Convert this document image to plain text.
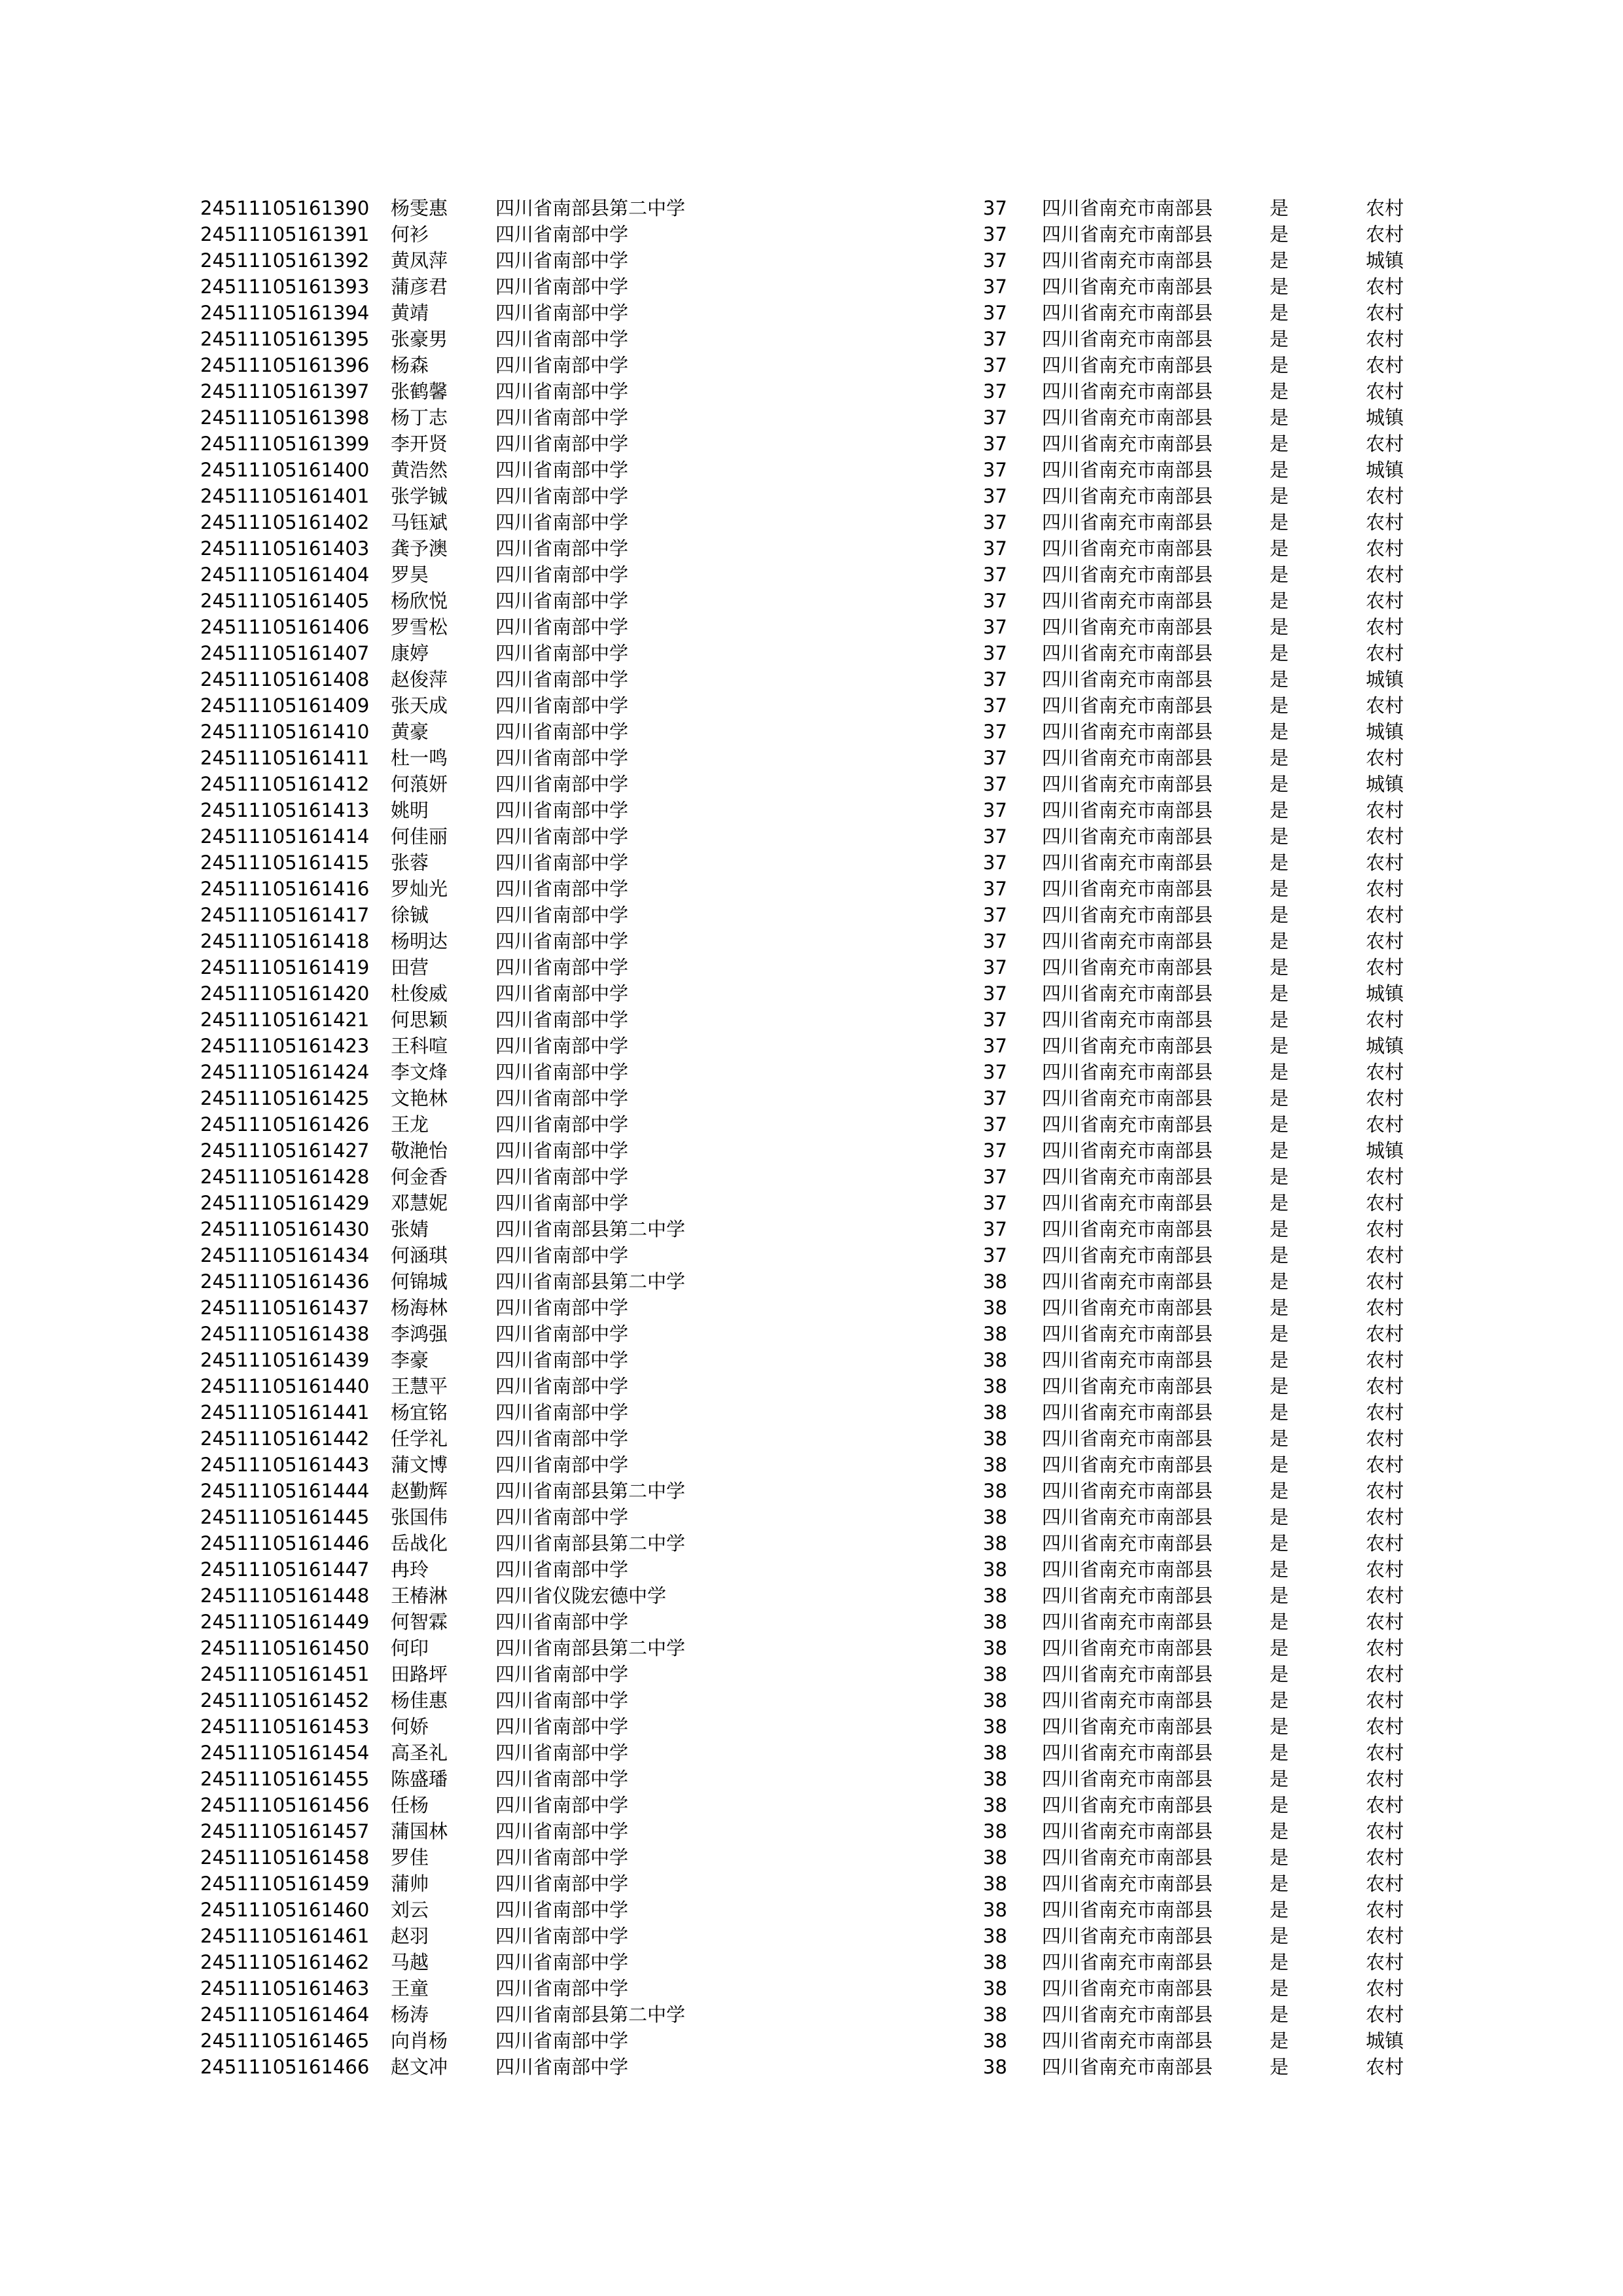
24511105161390 杨雯惠	四川省南部县第二中学	37 四川省南充市南部县	是	农村
24511105161391 何衫	四川省南部中学	37 四川省南充市南部县	是	农村
24511105161392 黄凤萍	四川省南部中学	37 四川省南充市南部县	是	城镇
24511105161393 蒲彦君	四川省南部中学	37 四川省南充市南部县	是	农村
24511105161394 黄靖	四川省南部中学	37 四川省南充市南部县	是	农村
24511105161395 张豪男	四川省南部中学	37 四川省南充市南部县	是	农村
24511105161396 杨森	四川省南部中学	37 四川省南充市南部县	是	农村
24511105161397 张鹤馨	四川省南部中学	37 四川省南充市南部县	是	农村
24511105161398 杨丁志	四川省南部中学	37 四川省南充市南部县	是	城镇
24511105161399 李开贤	四川省南部中学	37 四川省南充市南部县	是	农村
24511105161400 黄浩然	四川省南部中学	37 四川省南充市南部县	是	城镇
24511105161401 张学铖	四川省南部中学	37 四川省南充市南部县	是	农村
24511105161402 马钰斌	四川省南部中学	37 四川省南充市南部县	是	农村
24511105161403 龚予澳	四川省南部中学	37 四川省南充市南部县	是	农村
24511105161404 罗昊	四川省南部中学	37 四川省南充市南部县	是	农村
24511105161405 杨欣悦	四川省南部中学	37 四川省南充市南部县	是	农村
24511105161406 罗雪松	四川省南部中学	37 四川省南充市南部县	是	农村
24511105161407 康婷	四川省南部中学	37 四川省南充市南部县	是	农村
24511105161408 赵俊萍	四川省南部中学	37 四川省南充市南部县	是	城镇
24511105161409 张天成	四川省南部中学	37 四川省南充市南部县	是	农村
24511105161410 黄豪	四川省南部中学	37 四川省南充市南部县	是	城镇
24511105161411 杜一鸣	四川省南部中学	37 四川省南充市南部县	是	农村
24511105161412 何蒗妍	四川省南部中学	37 四川省南充市南部县	是	城镇
24511105161413 姚明	四川省南部中学	37 四川省南充市南部县	是	农村
24511105161414 何佳丽	四川省南部中学	37 四川省南充市南部县	是	农村
24511105161415 张蓉	四川省南部中学	37 四川省南充市南部县	是	农村
24511105161416 罗灿光	四川省南部中学	37 四川省南充市南部县	是	农村
24511105161417 徐铖	四川省南部中学	37 四川省南充市南部县	是	农村
24511105161418 杨明达	四川省南部中学	37 四川省南充市南部县	是	农村
24511105161419 田营	四川省南部中学	37 四川省南充市南部县	是	农村
24511105161420 杜俊威	四川省南部中学	37 四川省南充市南部县	是	城镇
24511105161421 何思颖	四川省南部中学	37 四川省南充市南部县	是	农村
24511105161423 王科喧	四川省南部中学	37 四川省南充市南部县	是	城镇
24511105161424 李文烽	四川省南部中学	37 四川省南充市南部县	是	农村
24511105161425 文艳林	四川省南部中学	37 四川省南充市南部县	是	农村
24511105161426 王龙	四川省南部中学	37 四川省南充市南部县	是	农村
24511105161427 敬滟怡	四川省南部中学	37 四川省南充市南部县	是	城镇
24511105161428 何金香	四川省南部中学	37 四川省南充市南部县	是	农村
24511105161429 邓慧妮	四川省南部中学	37 四川省南充市南部县	是	农村
24511105161430 张婧	四川省南部县第二中学	37 四川省南充市南部县	是	农村
24511105161434 何涵琪	四川省南部中学	37 四川省南充市南部县	是	农村
24511105161436 何锦城	四川省南部县第二中学	38 四川省南充市南部县	是	农村
24511105161437 杨海林	四川省南部中学	38 四川省南充市南部县	是	农村
24511105161438 李鸿强	四川省南部中学	38 四川省南充市南部县	是	农村
24511105161439 李豪	四川省南部中学	38 四川省南充市南部县	是	农村
24511105161440 王慧平	四川省南部中学	38 四川省南充市南部县	是	农村
24511105161441 杨宜铭	四川省南部中学	38 四川省南充市南部县	是	农村
24511105161442 任学礼	四川省南部中学	38 四川省南充市南部县	是	农村
24511105161443 蒲文博	四川省南部中学	38 四川省南充市南部县	是	农村
24511105161444 赵勤辉	四川省南部县第二中学	38 四川省南充市南部县	是	农村
24511105161445 张国伟	四川省南部中学	38 四川省南充市南部县	是	农村
24511105161446 岳战化	四川省南部县第二中学	38 四川省南充市南部县	是	农村
24511105161447 冉玲	四川省南部中学	38 四川省南充市南部县	是	农村
24511105161448 王椿淋	四川省仪陇宏德中学	38 四川省南充市南部县	是	农村
24511105161449 何智霖	四川省南部中学	38 四川省南充市南部县	是	农村
24511105161450 何印	四川省南部县第二中学	38 四川省南充市南部县	是	农村
24511105161451 田路坪	四川省南部中学	38 四川省南充市南部县	是	农村
24511105161452 杨佳惠	四川省南部中学	38 四川省南充市南部县	是	农村
24511105161453 何娇	四川省南部中学	38 四川省南充市南部县	是	农村
24511105161454 高圣礼	四川省南部中学	38 四川省南充市南部县	是	农村
24511105161455 陈盛璠	四川省南部中学	38 四川省南充市南部县	是	农村
24511105161456 任杨	四川省南部中学	38 四川省南充市南部县	是	农村
24511105161457 蒲国林	四川省南部中学	38 四川省南充市南部县	是	农村
24511105161458 罗佳	四川省南部中学	38 四川省南充市南部县	是	农村
24511105161459 蒲帅	四川省南部中学	38 四川省南充市南部县	是	农村
24511105161460 刘云	四川省南部中学	38 四川省南充市南部县	是	农村
24511105161461 赵羽	四川省南部中学	38 四川省南充市南部县	是	农村
24511105161462 马越	四川省南部中学	38 四川省南充市南部县	是	农村
24511105161463 王童	四川省南部中学	38 四川省南充市南部县	是	农村
24511105161464 杨涛	四川省南部县第二中学	38 四川省南充市南部县	是	农村
24511105161465 向肖杨	四川省南部中学	38 四川省南充市南部县	是	城镇
24511105161466 赵文冲	四川省南部中学	38 四川省南充市南部县	是	农村
